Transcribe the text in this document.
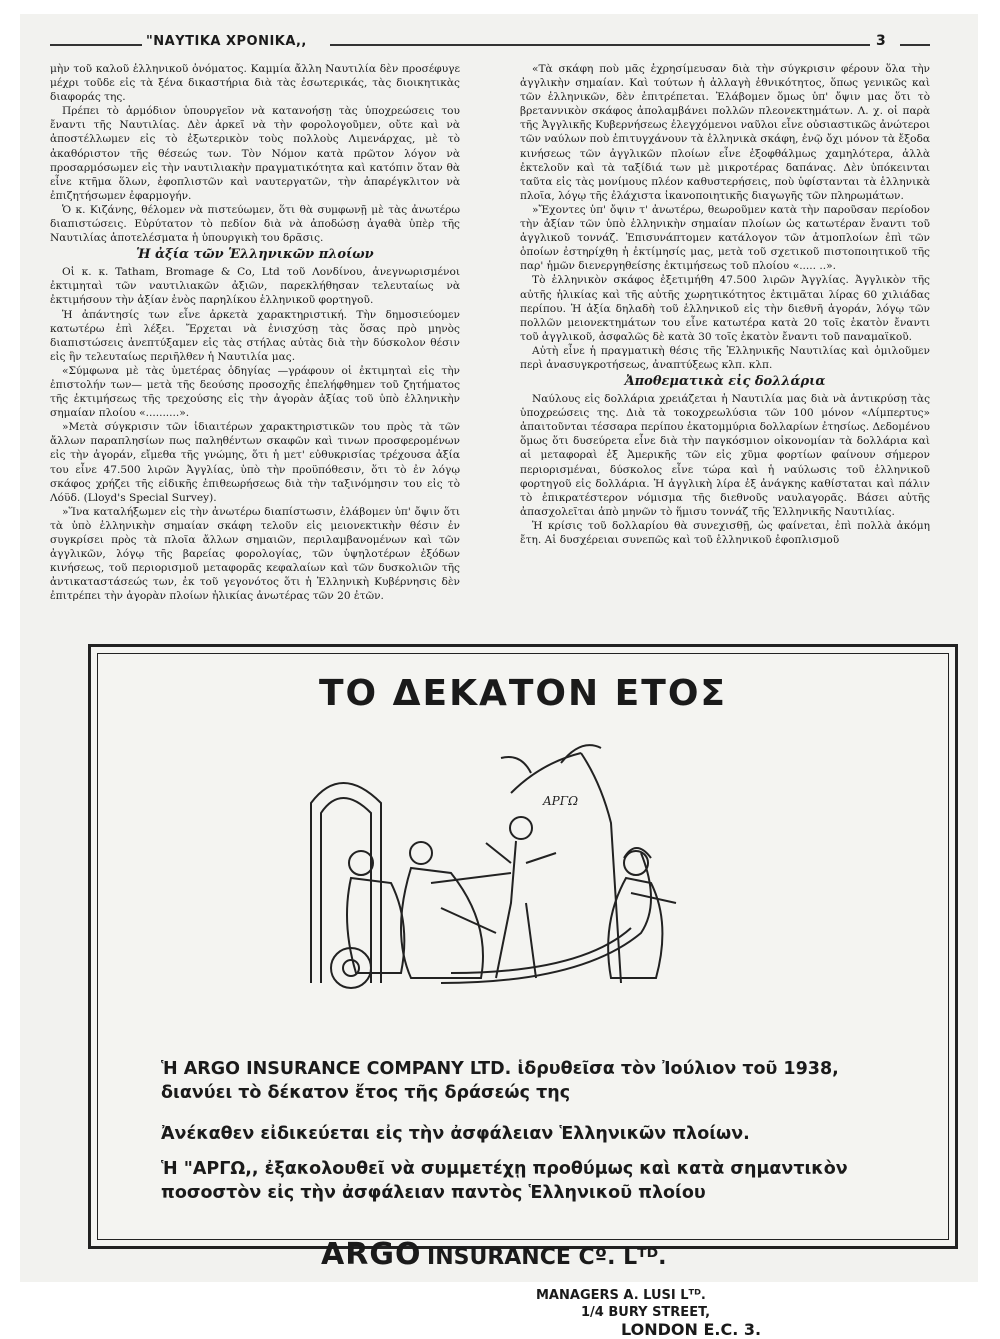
"ΝΑΥΤΙΚΑ ΧΡΟΝΙΚΑ,,	3

μὴν τοῦ καλοῦ ἑλληνικοῦ ὀνόματος. Καμμία ἄλλη Ναυτιλία δὲν προσέφυγε μέχρι τοῦδε εἰς τὰ ξένα δικαστήρια διὰ τὰς ἐσωτερικάς, τὰς διοικητικὰς διαφοράς της.

Πρέπει τὸ ἁρμόδιον ὑπουργεῖον νὰ κατανοήσῃ τὰς ὑποχρεώσεις του ἔναντι τῆς Ναυτιλίας. Δὲν ἀρκεῖ νὰ τὴν φορολογοῦμεν, οὔτε καὶ νὰ ἀποστέλλωμεν εἰς τὸ ἐξωτερικὸν τοὺς πολλοὺς Λιμενάρχας, μὲ τὸ ἀκαθόριστον τῆς θέσεώς των. Τὸν Νόμον κατὰ πρῶτον λόγον νὰ προσαρμόσωμεν εἰς τὴν ναυτιλιακὴν πραγματικότητα καὶ κατόπιν ὅταν θὰ εἶνε κτῆμα ὅλων, ἐφοπλιστῶν καὶ ναυτεργατῶν, τὴν ἀπαρέγκλιτον νὰ ἐπιζητήσωμεν ἐφαρμογήν.

Ὁ κ. Κιζάνης, θέλομεν νὰ πιστεύωμεν, ὅτι θὰ συμφωνῇ μὲ τὰς ἀνωτέρω διαπιστώσεις. Εὐρύτατον τὸ πεδίον διὰ νὰ ἀποδώσῃ ἀγαθὰ ὑπὲρ τῆς Ναυτιλίας ἀποτελέσματα ἡ ὑπουργικὴ του δρᾶσις.

Ἡ ἀξία τῶν Ἑλληνικῶν πλοίων

Οἱ κ. κ. Tatham, Bromage & Co, Ltd τοῦ Λονδίνου, ἀνεγνωρισμένοι ἐκτιμηταὶ τῶν ναυτιλιακῶν ἀξιῶν, παρεκλήθησαν τελευταίως νὰ ἐκτιμήσουν τὴν ἀξίαν ἑνὸς παρηλίκου ἑλληνικοῦ φορτηγοῦ.

Ἡ ἀπάντησίς των εἶνε ἀρκετὰ χαρακτηριστική. Τὴν δημοσιεύομεν κατωτέρω ἐπὶ λέξει. Ἔρχεται νὰ ἐνισχύσῃ τὰς ὅσας πρὸ μηνὸς διαπιστώσεις ἀνεπτύξαμεν εἰς τὰς στήλας αὐτὰς διὰ τὴν δύσκολον θέσιν εἰς ἣν τελευταίως περιῆλθεν ἡ Ναυτιλία μας.

«Σύμφωνα μὲ τὰς ὑμετέρας ὁδηγίας —γράφουν οἱ ἐκτιμηταὶ εἰς τὴν ἐπιστολήν των— μετὰ τῆς δεούσης προσοχῆς ἐπελήφθημεν τοῦ ζητήματος τῆς ἐκτιμήσεως τῆς τρεχούσης εἰς τὴν ἀγορὰν ἀξίας τοῦ ὑπὸ ἑλληνικὴν σημαίαν πλοίου «..........».

»Μετὰ σύγκρισιν τῶν ἰδιαιτέρων χαρακτηριστικῶν του πρὸς τὰ τῶν ἄλλων παραπλησίων πως παληθέντων σκαφῶν καὶ τινων προσφερομένων εἰς τὴν ἀγοράν, εἴμεθα τῆς γνώμης, ὅτι ἡ μετ' εὐθυκρισίας τρέχουσα ἀξία του εἶνε 47.500 λιρῶν Ἀγγλίας, ὑπὸ τὴν προϋπόθεσιν, ὅτι τὸ ἐν λόγῳ σκάφος χρήζει τῆς εἰδικῆς ἐπιθεωρήσεως διὰ τὴν ταξινόμησιν του εἰς τὸ Λόϋδ. (Lloyd's Special Survey).

»Ἵνα καταλήξωμεν εἰς τὴν ἀνωτέρω διαπίστωσιν, ἐλάβομεν ὑπ' ὄψιν ὅτι τὰ ὑπὸ ἑλληνικὴν σημαίαν σκάφη τελοῦν εἰς μειονεκτικὴν θέσιν ἐν συγκρίσει πρὸς τὰ πλοῖα ἄλλων σημαιῶν, περιλαμβανομένων καὶ τῶν ἀγγλικῶν, λόγῳ τῆς βαρείας φορολογίας, τῶν ὑψηλοτέρων ἐξόδων κινήσεως, τοῦ περιορισμοῦ μεταφορᾶς κεφαλαίων καὶ τῶν δυσκολιῶν τῆς ἀντικαταστάσεώς των, ἐκ τοῦ γεγονότος ὅτι ἡ Ἑλληνικὴ Κυβέρνησις δὲν ἐπιτρέπει τὴν ἀγορὰν πλοίων ἡλικίας ἀνωτέρας τῶν 20 ἐτῶν.

«Τὰ σκάφη ποὺ μᾶς ἐχρησίμευσαν διὰ τὴν σύγκρισιν φέρουν ὅλα τὴν ἀγγλικὴν σημαίαν. Καὶ τούτων ἡ ἀλλαγὴ ἐθνικότητος, ὅπως γενικῶς καὶ τῶν ἑλληνικῶν, δὲν ἐπιτρέπεται. Ἐλάβομεν ὅμως ὑπ' ὄψιν μας ὅτι τὸ βρεταννικὸν σκάφος ἀπολαμβάνει πολλῶν πλεονεκτημάτων. Λ. χ. οἱ παρὰ τῆς Ἀγγλικῆς Κυβερνήσεως ἐλεγχόμενοι ναῦλοι εἶνε οὐσιαστικῶς ἀνώτεροι τῶν ναύλων ποὺ ἐπιτυγχάνουν τὰ ἑλληνικὰ σκάφη, ἐνῷ ὄχι μόνον τὰ ἔξοδα κινήσεως τῶν ἀγγλικῶν πλοίων εἶνε ἐξοφθάλμως χαμηλότερα, ἀλλὰ ἐκτελοῦν καὶ τὰ ταξίδιά των μὲ μικροτέρας δαπάνας. Δὲν ὑπόκεινται ταῦτα εἰς τὰς μονίμους πλέον καθυστερήσεις, ποὺ ὑφίστανται τὰ ἑλληνικὰ πλοῖα, λόγῳ τῆς ἐλάχιστα ἱκανοποιητικῆς διαγωγῆς τῶν πληρωμάτων.

»Ἔχοντες ὑπ' ὄψιν τ' ἀνωτέρω, θεωροῦμεν κατὰ τὴν παροῦσαν περίοδον τὴν ἀξίαν τῶν ὑπὸ ἑλληνικὴν σημαίαν πλοίων ὡς κατωτέραν ἔναντι τοῦ ἀγγλικοῦ τοννάζ. Ἐπισυνάπτομεν κατάλογον τῶν ἀτμοπλοίων ἐπὶ τῶν ὁποίων ἐστηρίχθη ἡ ἐκτίμησίς μας, μετὰ τοῦ σχετικοῦ πιστοποιητικοῦ τῆς παρ' ἡμῶν διενεργηθείσης ἐκτιμήσεως τοῦ πλοίου «..... ..».

Τὸ ἑλληνικὸν σκάφος ἐξετιμήθη 47.500 λιρῶν Ἀγγλίας. Ἀγγλικὸν τῆς αὐτῆς ἡλικίας καὶ τῆς αὐτῆς χωρητικότητος ἐκτιμᾶται λίρας 60 χιλιάδας περίπου. Ἡ ἀξία δηλαδὴ τοῦ ἑλληνικοῦ εἰς τὴν διεθνῆ ἀγοράν, λόγῳ τῶν πολλῶν μειονεκτημάτων του εἶνε κατωτέρα κατὰ 20 τοῖς ἑκατὸν ἔναντι τοῦ ἀγγλικοῦ, ἀσφαλῶς δὲ κατὰ 30 τοῖς ἑκατὸν ἔναντι τοῦ παναμαϊκοῦ.

Αὐτὴ εἶνε ἡ πραγματικὴ θέσις τῆς Ἑλληνικῆς Ναυτιλίας καὶ ὁμιλοῦμεν περὶ ἀνασυγκροτήσεως, ἀναπτύξεως κλπ. κλπ.

Ἀποθεματικὰ εἰς δολλάρια

Ναύλους εἰς δολλάρια χρειάζεται ἡ Ναυτιλία μας διὰ νὰ ἀντικρύσῃ τὰς ὑποχρεώσεις της. Διὰ τὰ τοκοχρεωλύσια τῶν 100 μόνον «Λίμπερτυς» ἀπαιτοῦνται τέσσαρα περίπου ἑκατομμύρια δολλαρίων ἐτησίως. Δεδομένου ὅμως ὅτι δυσεύρετα εἶνε διὰ τὴν παγκόσμιον οἰκονομίαν τὰ δολλάρια καὶ αἱ μεταφοραὶ ἐξ Ἀμερικῆς τῶν εἰς χῦμα φορτίων φαίνουν σήμερον περιορισμέναι, δύσκολος εἶνε τώρα καὶ ἡ ναύλωσις τοῦ ἑλληνικοῦ φορτηγοῦ εἰς δολλάρια. Ἡ ἀγγλικὴ λίρα ἐξ ἀνάγκης καθίσταται καὶ πάλιν τὸ ἐπικρατέστερον νόμισμα τῆς διεθνοῦς ναυλαγορᾶς. Βάσει αὐτῆς ἀπασχολεῖται ἀπὸ μηνῶν τὸ ἥμισυ τοννάζ τῆς Ἑλληνικῆς Ναυτιλίας.

Ἡ κρίσις τοῦ δολλαρίου θὰ συνεχισθῇ, ὡς φαίνεται, ἐπὶ πολλὰ ἀκόμη ἔτη. Αἱ δυσχέρειαι συνεπῶς καὶ τοῦ ἑλληνικοῦ ἐφοπλισμοῦ

ΤΟ ΔΕΚΑΤΟΝ ΕΤΟΣ
ΑΡΓΩ
Ἡ ARGO INSURANCE COMPANY LTD. ἱδρυθεῖσα τὸν Ἰούλιον τοῦ 1938, διανύει τὸ δέκατον ἔτος τῆς δράσεώς της
Ἀνέκαθεν εἰδικεύεται εἰς τὴν ἀσφάλειαν Ἑλληνικῶν πλοίων.
Ἡ "ΑΡΓΩ,, ἐξακολουθεῖ νὰ συμμετέχῃ προθύμως καὶ κατὰ σημαντικὸν ποσοστὸν εἰς τὴν ἀσφάλειαν παντὸς Ἑλληνικοῦ πλοίου
ARGO INSURANCE Cº. Lᵀᴰ.
MANAGERS A. LUSI Lᵀᴰ.
1/4 BURY STREET,
LONDON E.C. 3.
